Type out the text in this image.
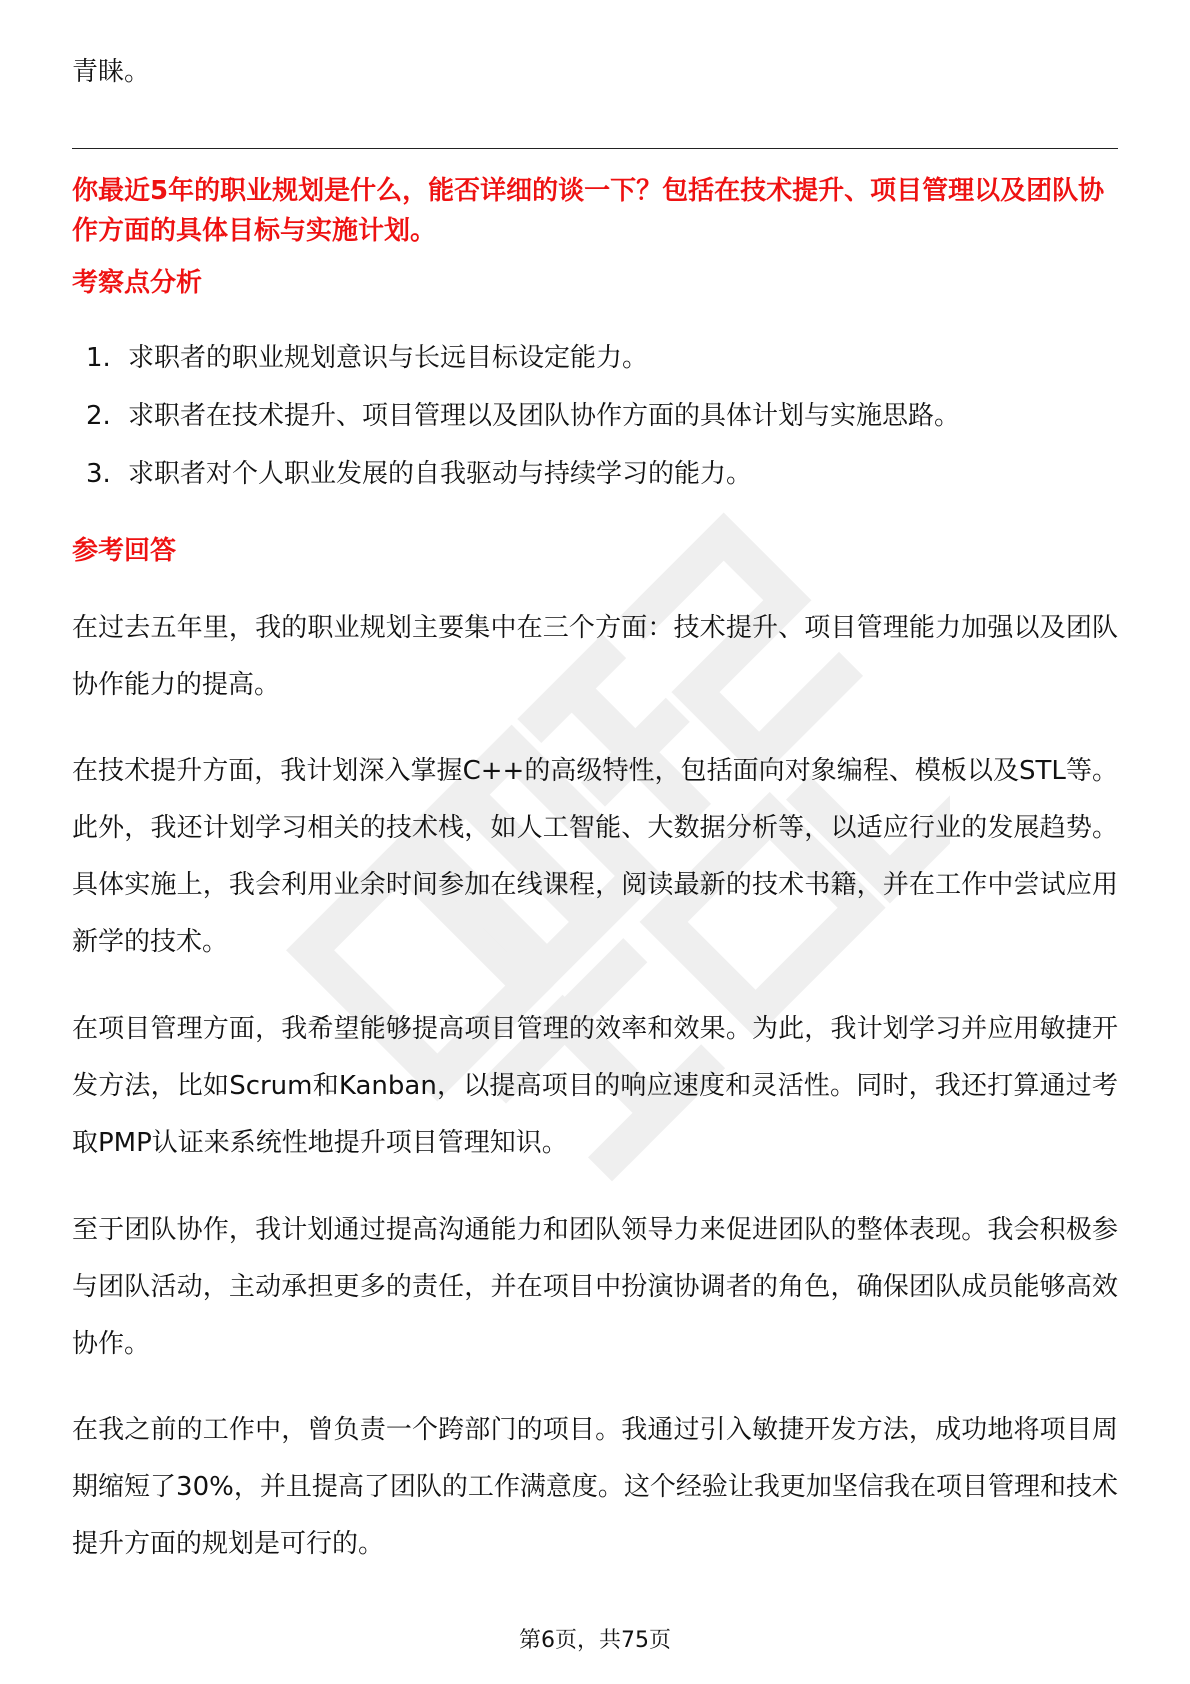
青睐。
你最近5年的职业规划是什么，能否详细的谈一下？包括在技术提升、项目管理以及团队协作方面的具体目标与实施计划。
考察点分析
1. 求职者的职业规划意识与长远目标设定能力。
2. 求职者在技术提升、项目管理以及团队协作方面的具体计划与实施思路。
3. 求职者对个人职业发展的自我驱动与持续学习的能力。
参考回答

在过去五年里，我的职业规划主要集中在三个方面：技术提升、项目管理能力加强以及团队协作能力的提高。

在技术提升方面，我计划深入掌握C++的高级特性，包括面向对象编程、模板以及STL等。此外，我还计划学习相关的技术栈，如人工智能、大数据分析等，以适应行业的发展趋势。具体实施上，我会利用业余时间参加在线课程，阅读最新的技术书籍，并在工作中尝试应用新学的技术。

在项目管理方面，我希望能够提高项目管理的效率和效果。为此，我计划学习并应用敏捷开发方法，比如Scrum和Kanban，以提高项目的响应速度和灵活性。同时，我还打算通过考取PMP认证来系统性地提升项目管理知识。

至于团队协作，我计划通过提高沟通能力和团队领导力来促进团队的整体表现。我会积极参与团队活动，主动承担更多的责任，并在项目中扮演协调者的角色，确保团队成员能够高效协作。

在我之前的工作中，曾负责一个跨部门的项目。我通过引入敏捷开发方法，成功地将项目周期缩短了30%，并且提高了团队的工作满意度。这个经验让我更加坚信我在项目管理和技术提升方面的规划是可行的。

第6页，共75页
